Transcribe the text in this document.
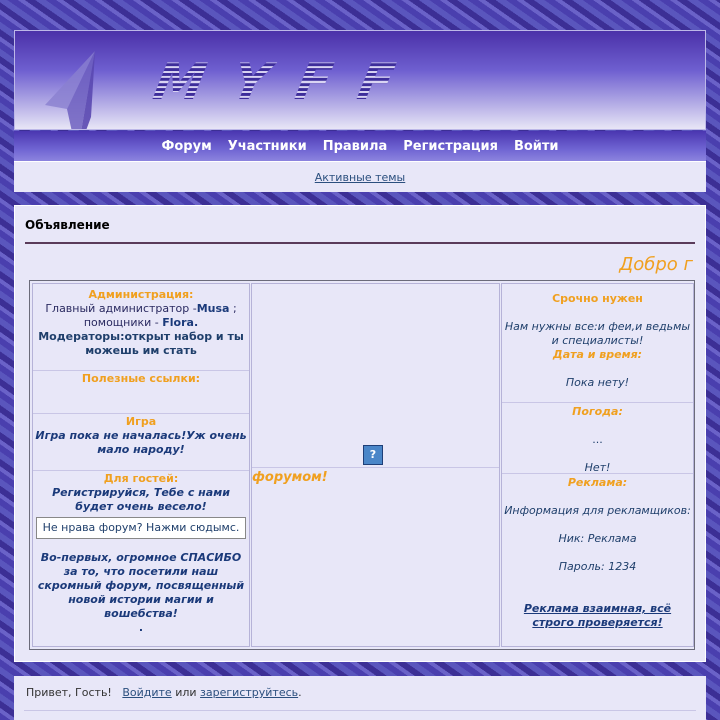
MYFF
Форум Участники Правила Регистрация Войти
Активные темы
Объявление
Добро г
Администрация:
Главный администратор -Musa ;
помощники - Flora.
Модераторы:открыт набор и ты можешь им стать
Полезные ссылки:
Игра
Игра пока не началась!Уж очень мало народу!
Для гостей:
Регистрируйся, Тебе с нами будет очень весело!
Не нрава форум? Нажми сюдымс.
Во-первых, огромное СПАСИБО за то, что посетили наш скромный форум, посвященный новой истории магии и вошебства!
.
?
форумом!
Срочно нужен
Нам нужны все:и феи,и ведьмы и специалисты!
Дата и время:
Пока нету!
Погода:
...
Нет!
Реклама:
Информация для рекламщиков:
Ник: Реклама
Пароль: 1234
Реклама взаимная, всё строго проверяется!
Привет, Гость! Войдите или зарегиструйтесь.
